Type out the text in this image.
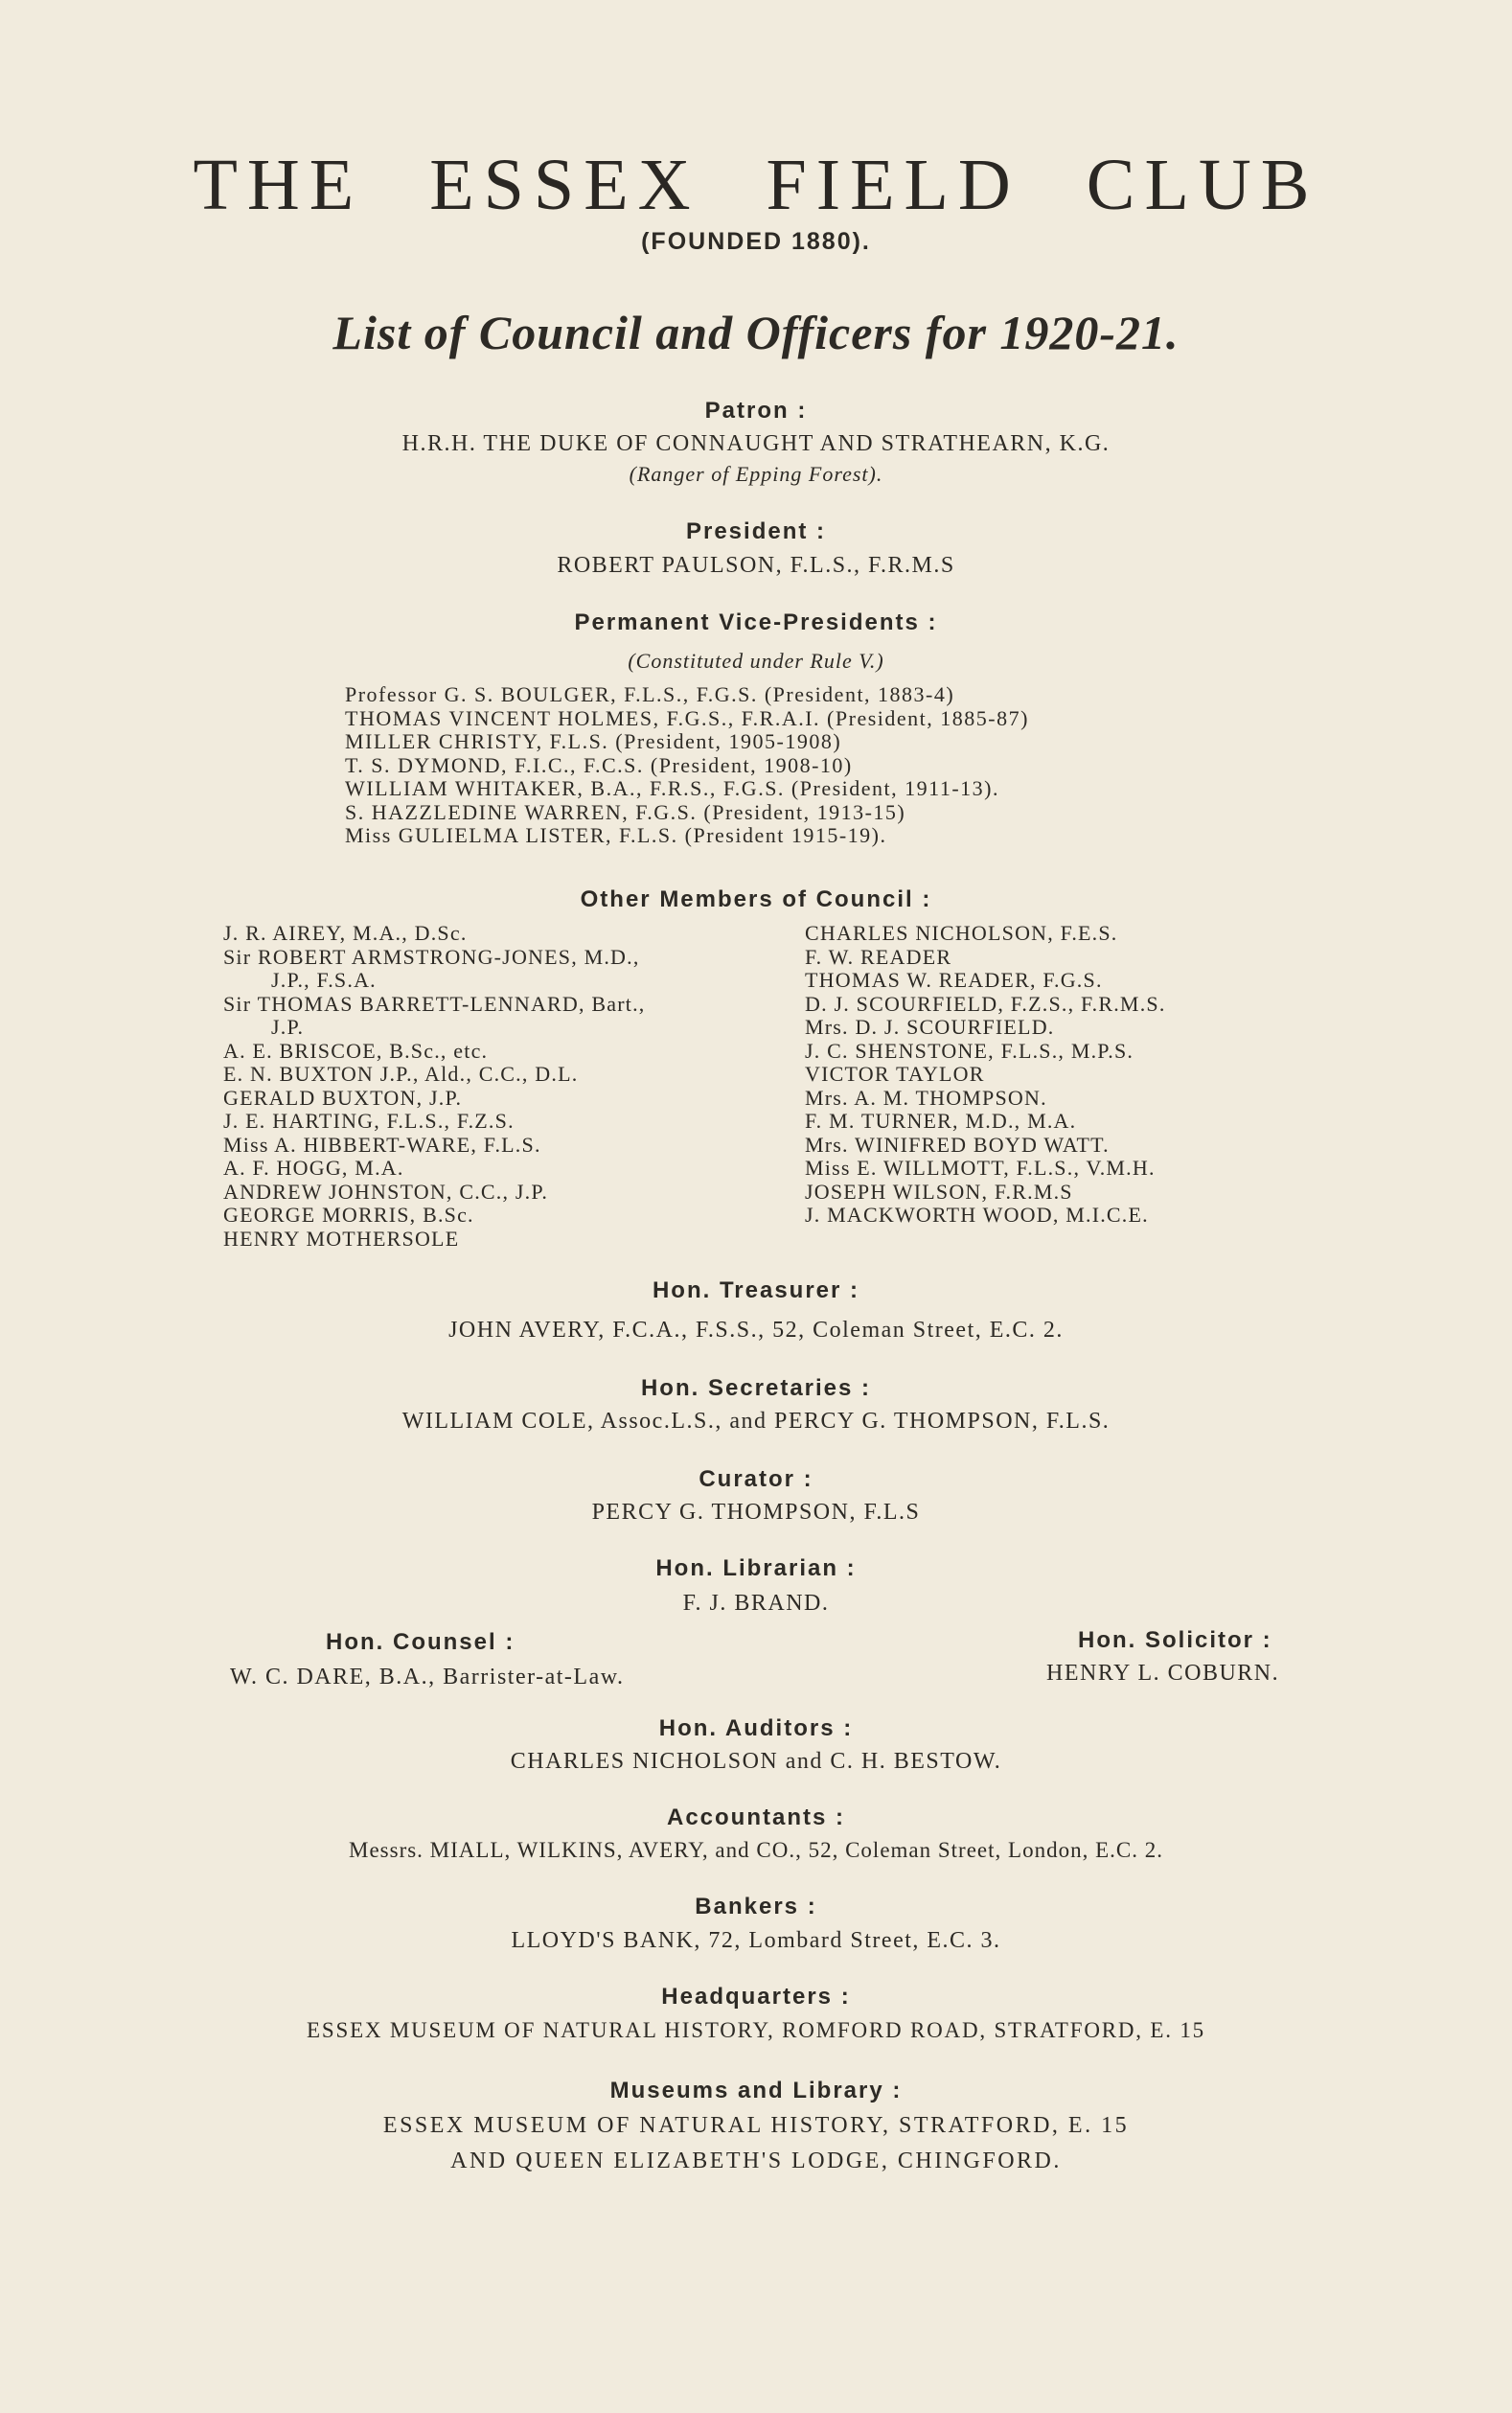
THE ESSEX FIELD CLUB
(FOUNDED 1880).
List of Council and Officers for 1920-21.
Patron :
H.R.H. THE DUKE OF CONNAUGHT AND STRATHEARN, K.G.
(Ranger of Epping Forest).
President :
ROBERT PAULSON, F.L.S., F.R.M.S
Permanent Vice-Presidents :
(Constituted under Rule V.)
Professor G. S. BOULGER, F.L.S., F.G.S. (President, 1883-4)
THOMAS VINCENT HOLMES, F.G.S., F.R.A.I. (President, 1885-87)
MILLER CHRISTY, F.L.S. (President, 1905-1908)
T. S. DYMOND, F.I.C., F.C.S. (President, 1908-10)
WILLIAM WHITAKER, B.A., F.R.S., F.G.S. (President, 1911-13).
S. HAZZLEDINE WARREN, F.G.S. (President, 1913-15)
Miss GULIELMA LISTER, F.L.S. (President 1915-19).
Other Members of Council :
J. R. AIREY, M.A., D.Sc.
Sir ROBERT ARMSTRONG-JONES, M.D.,
J.P., F.S.A.
Sir THOMAS BARRETT-LENNARD, Bart.,
J.P.
A. E. BRISCOE, B.Sc., etc.
E. N. BUXTON J.P., Ald., C.C., D.L.
GERALD BUXTON, J.P.
J. E. HARTING, F.L.S., F.Z.S.
Miss A. HIBBERT-WARE, F.L.S.
A. F. HOGG, M.A.
ANDREW JOHNSTON, C.C., J.P.
GEORGE MORRIS, B.Sc.
HENRY MOTHERSOLE
CHARLES NICHOLSON, F.E.S.
F. W. READER
THOMAS W. READER, F.G.S.
D. J. SCOURFIELD, F.Z.S., F.R.M.S.
Mrs. D. J. SCOURFIELD.
J. C. SHENSTONE, F.L.S., M.P.S.
VICTOR TAYLOR
Mrs. A. M. THOMPSON.
F. M. TURNER, M.D., M.A.
Mrs. WINIFRED BOYD WATT.
Miss E. WILLMOTT, F.L.S., V.M.H.
JOSEPH WILSON, F.R.M.S
J. MACKWORTH WOOD, M.I.C.E.
Hon. Treasurer :
JOHN AVERY, F.C.A., F.S.S., 52, Coleman Street, E.C. 2.
Hon. Secretaries :
WILLIAM COLE, Assoc.L.S., and PERCY G. THOMPSON, F.L.S.
Curator :
PERCY G. THOMPSON, F.L.S
Hon. Librarian :
F. J. BRAND.
Hon. Counsel :
W. C. DARE, B.A., Barrister-at-Law.
Hon. Solicitor :
HENRY L. COBURN.
Hon. Auditors :
CHARLES NICHOLSON and C. H. BESTOW.
Accountants :
Messrs. MIALL, WILKINS, AVERY, and CO., 52, Coleman Street, London, E.C. 2.
Bankers :
LLOYD'S BANK, 72, Lombard Street, E.C. 3.
Headquarters :
ESSEX MUSEUM OF NATURAL HISTORY, ROMFORD ROAD, STRATFORD, E. 15
Museums and Library :
ESSEX MUSEUM OF NATURAL HISTORY, STRATFORD, E. 15
AND QUEEN ELIZABETH'S LODGE, CHINGFORD.
